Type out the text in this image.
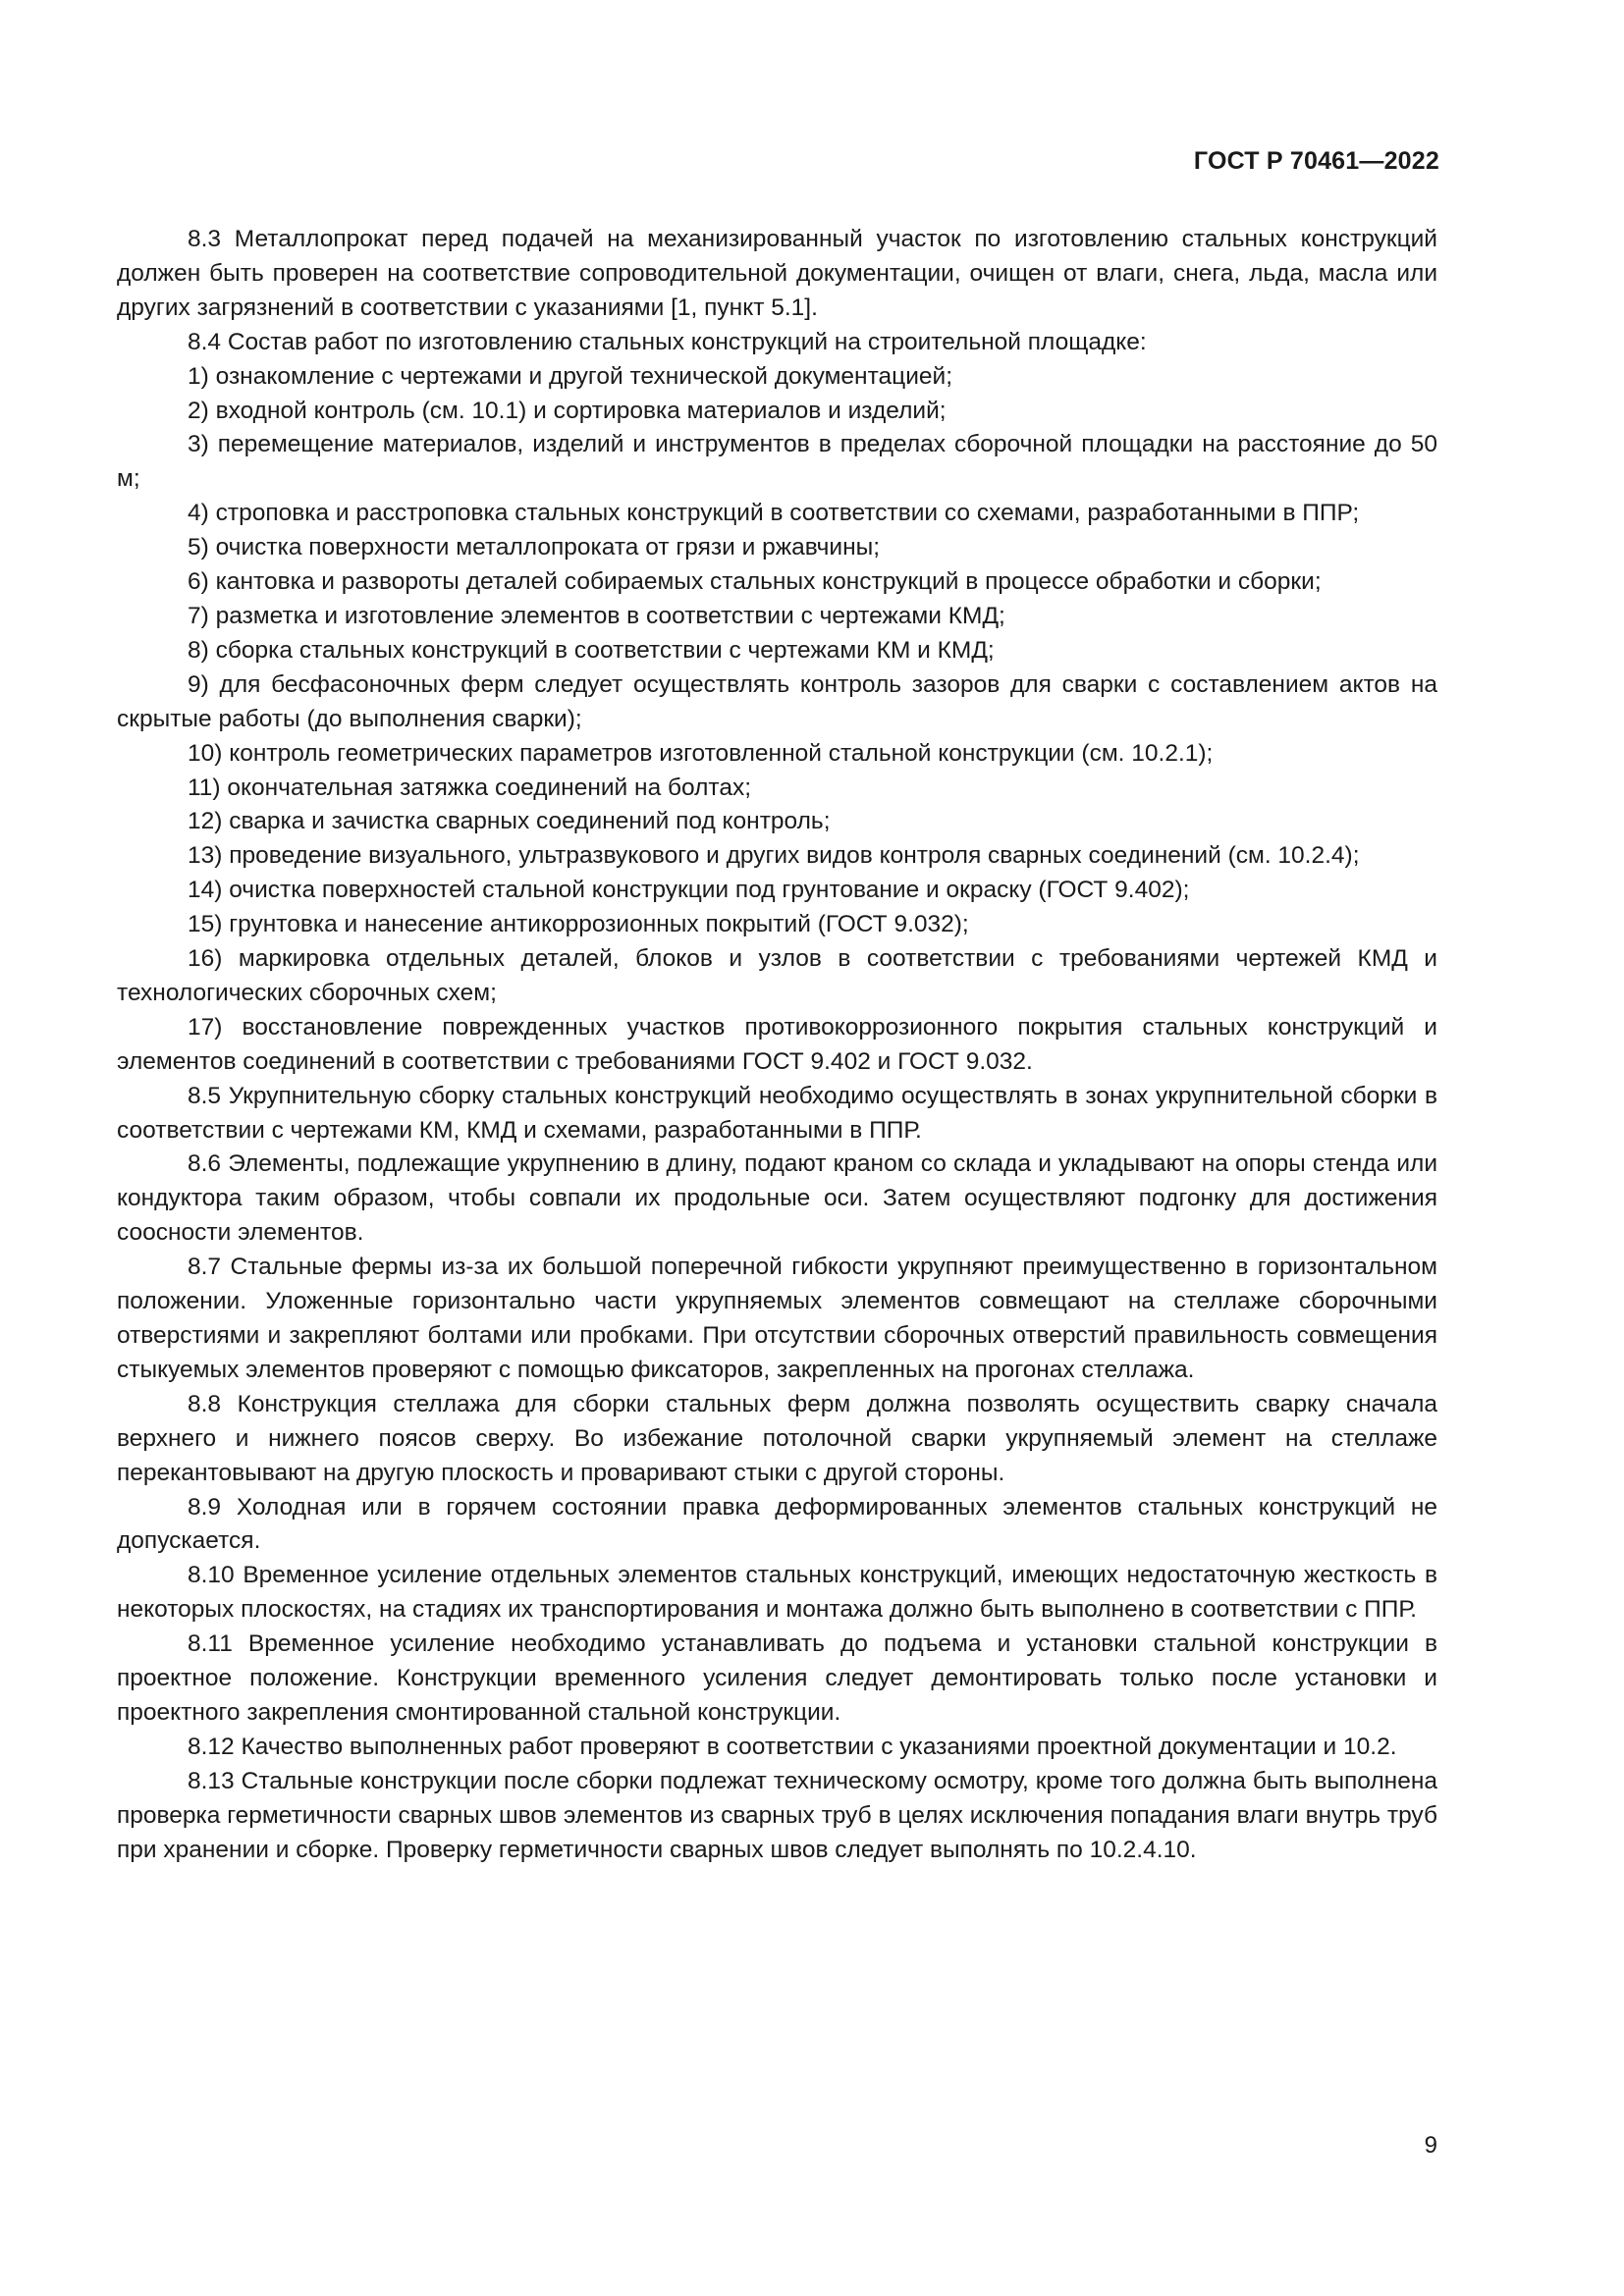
ГОСТ Р 70461—2022

8.3 Металлопрокат перед подачей на механизированный участок по изготовлению стальных конструкций должен быть проверен на соответствие сопроводительной документации, очищен от влаги, снега, льда, масла или других загрязнений в соответствии с указаниями [1, пункт 5.1].

8.4 Состав работ по изготовлению стальных конструкций на строительной площадке:

1) ознакомление с чертежами и другой технической документацией;

2) входной контроль (см. 10.1) и сортировка материалов и изделий;

3) перемещение материалов, изделий и инструментов в пределах сборочной площадки на расстояние до 50 м;

4) строповка и расстроповка стальных конструкций в соответствии со схемами, разработанными в ППР;

5) очистка поверхности металлопроката от грязи и ржавчины;

6) кантовка и развороты деталей собираемых стальных конструкций в процессе обработки и сборки;

7) разметка и изготовление элементов в соответствии с чертежами КМД;

8) сборка стальных конструкций в соответствии с чертежами КМ и КМД;

9) для бесфасоночных ферм следует осуществлять контроль зазоров для сварки с составлением актов на скрытые работы (до выполнения сварки);

10) контроль геометрических параметров изготовленной стальной конструкции (см. 10.2.1);

11) окончательная затяжка соединений на болтах;

12) сварка и зачистка сварных соединений под контроль;

13) проведение визуального, ультразвукового и других видов контроля сварных соединений (см. 10.2.4);

14) очистка поверхностей стальной конструкции под грунтование и окраску (ГОСТ 9.402);

15) грунтовка и нанесение антикоррозионных покрытий (ГОСТ 9.032);

16) маркировка отдельных деталей, блоков и узлов в соответствии с требованиями чертежей КМД и технологических сборочных схем;

17) восстановление поврежденных участков противокоррозионного покрытия стальных конструкций и элементов соединений в соответствии с требованиями ГОСТ 9.402 и ГОСТ 9.032.

8.5 Укрупнительную сборку стальных конструкций необходимо осуществлять в зонах укрупнительной сборки в соответствии с чертежами КМ, КМД и схемами, разработанными в ППР.

8.6 Элементы, подлежащие укрупнению в длину, подают краном со склада и укладывают на опоры стенда или кондуктора таким образом, чтобы совпали их продольные оси. Затем осуществляют подгонку для достижения соосности элементов.

8.7 Стальные фермы из-за их большой поперечной гибкости укрупняют преимущественно в горизонтальном положении. Уложенные горизонтально части укрупняемых элементов совмещают на стеллаже сборочными отверстиями и закрепляют болтами или пробками. При отсутствии сборочных отверстий правильность совмещения стыкуемых элементов проверяют с помощью фиксаторов, закрепленных на прогонах стеллажа.

8.8 Конструкция стеллажа для сборки стальных ферм должна позволять осуществить сварку сначала верхнего и нижнего поясов сверху. Во избежание потолочной сварки укрупняемый элемент на стеллаже перекантовывают на другую плоскость и проваривают стыки с другой стороны.

8.9 Холодная или в горячем состоянии правка деформированных элементов стальных конструкций не допускается.

8.10 Временное усиление отдельных элементов стальных конструкций, имеющих недостаточную жесткость в некоторых плоскостях, на стадиях их транспортирования и монтажа должно быть выполнено в соответствии с ППР.

8.11 Временное усиление необходимо устанавливать до подъема и установки стальной конструкции в проектное положение. Конструкции временного усиления следует демонтировать только после установки и проектного закрепления смонтированной стальной конструкции.

8.12 Качество выполненных работ проверяют в соответствии с указаниями проектной документации и 10.2.

8.13 Стальные конструкции после сборки подлежат техническому осмотру, кроме того должна быть выполнена проверка герметичности сварных швов элементов из сварных труб в целях исключения попадания влаги внутрь труб при хранении и сборке. Проверку герметичности сварных швов следует выполнять по 10.2.4.10.

9
